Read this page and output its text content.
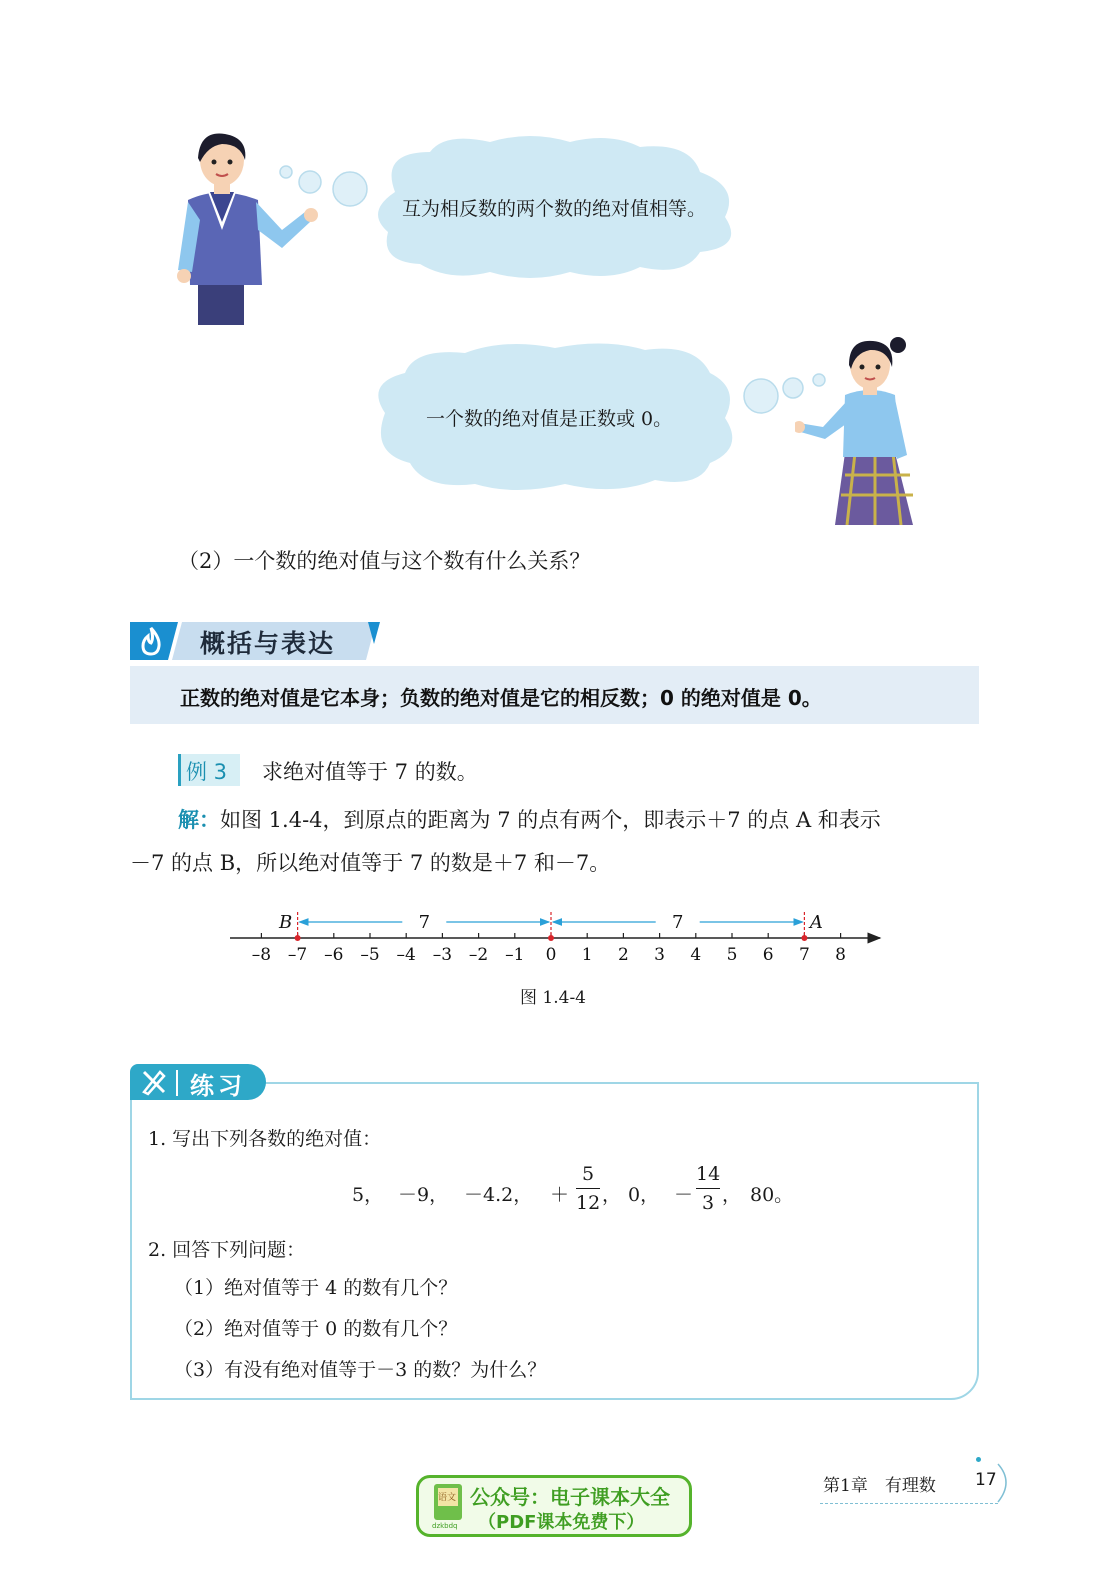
互为相反数的两个数的绝对值相等。
一个数的绝对值是正数或 0。
（2）一个数的绝对值与这个数有什么关系？
概括与表达
正数的绝对值是它本身；负数的绝对值是它的相反数；0 的绝对值是 0。
例 3 求绝对值等于 7 的数。
解：如图 1.4-4，到原点的距离为 7 的点有两个，即表示＋7 的点 A 和表示
－7 的点 B，所以绝对值等于 7 的数是＋7 和－7。
–8 –7 –6 –5 –4 –3 –2 –1 0 1 2 3 4 5 6 7 8
7	7
B	A
图 1.4-4
练习
1. 写出下列各数的绝对值：
5， －9， －4.2， ＋
5
12 ， 0， －
14
3 ， 80。
2. 回答下列问题：
（1）绝对值等于 4 的数有几个？
（2）绝对值等于 0 的数有几个？
（3）有没有绝对值等于－3 的数？为什么？
第1章　有理数 17
语文
dzkbdq
公众号：电子课本大全
（PDF课本免费下）
